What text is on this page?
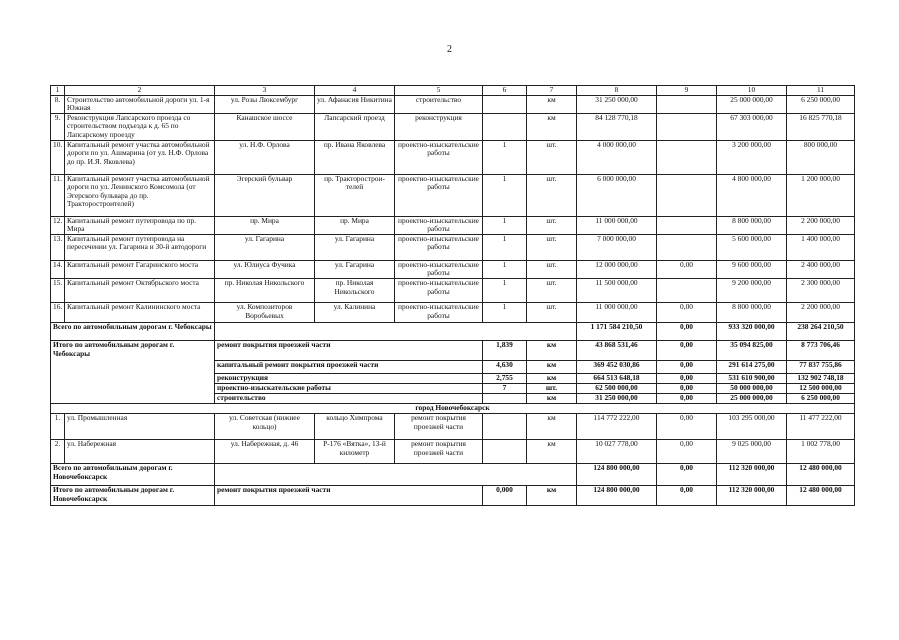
2
1	2	3	4	5	6	7	8	9	10	11
8.	Строительство автомобильной дороги ул. 1-я Южная	ул. Розы Люксембург	ул. Афанасия Никитина	строительство		км	31 250 000,00		25 000 000,00	6 250 000,00
9.	Реконструкция Лапсарского проезда со строительством подъезда к д. 65 по Лапсарскому проезду	Канашское шоссе	Лапсарский проезд	реконструкция		км	84 128 770,18		67 303 000,00	16 825 770,18
10.	Капитальный ремонт участка автомобильной дороги по ул. Ашмарина (от ул. Н.Ф. Орлова до пр. И.Я. Яковлева)	ул. Н.Ф. Орлова	пр. Ивана Яковлева	проектно-изыскательские работы	1	шт.	4 000 000,00		3 200 000,00	800 000,00
11.	Капитальный ремонт участка автомобильной дороги по ул. Ленинского Комсомола (от Эгерского бульвара до пр. Тракторостроителей)	Эгерский бульвар	пр. Тракторостроителей	проектно-изыскательские работы	1	шт.	6 000 000,00		4 800 000,00	1 200 000,00
12.	Капитальный ремонт путепровода по пр. Мира	пр. Мира	пр. Мира	проектно-изыскательские работы	1	шт.	11 000 000,00		8 800 000,00	2 200 000,00
13.	Капитальный ремонт путепровода на пересечении ул. Гагарина и 30-й автодороги	ул. Гагарина	ул. Гагарина	проектно-изыскательские работы	1	шт.	7 000 000,00		5 600 000,00	1 400 000,00
14.	Капитальный ремонт Гагаринского моста	ул. Юлиуса Фучика	ул. Гагарина	проектно-изыскательские работы	1	шт.	12 000 000,00	0,00	9 600 000,00	2 400 000,00
15.	Капитальный ремонт Октябрьского моста	пр. Николая Никольского	пр. Николая Никольского	проектно-изыскательские работы	1	шт.	11 500 000,00		9 200 000,00	2 300 000,00
16.	Капитальный ремонт Калининского моста	ул. Композиторов Воробьевых	ул. Калинина	проектно-изыскательские работы	1	шт.	11 000 000,00	0,00	8 800 000,00	2 200 000,00
Всего по автомобильным дорогам г. Чебоксары							1 171 584 210,50	0,00	933 320 000,00	238 264 210,50
Итого по автомобильным дорогам г. Чебоксары		ремонт покрытия проезжей части			1,839	км	43 868 531,46	0,00	35 094 825,00	8 773 706,46
		капитальный ремонт покрытия проезжей части			4,630	км	369 452 030,86	0,00	291 614 275,00	77 837 755,86
		реконструкция			2,755	км	664 513 648,18	0,00	531 610 900,00	132 902 748,18
		проектно-изыскательские работы			7	шт.	62 500 000,00	0,00	50 000 000,00	12 500 000,00
		строительство				км	31 250 000,00	0,00	25 000 000,00	6 250 000,00
город Новочебоксарск										
1.	ул. Промышленная	ул. Советская (нижнее кольцо)	кольцо Химпрома	ремонт покрытия проезжей части		км	114 772 222,00	0,00	103 295 000,00	11 477 222,00
2.	ул. Набережная	ул. Набережная, д. 46	Р-176 «Вятка», 13-й километр	ремонт покрытия проезжей части		км	10 027 778,00	0,00	9 025 000,00	1 002 778,00
Всего по автомобильным дорогам г. Новочебоксарск							124 800 000,00	0,00	112 320 000,00	12 480 000,00
Итого по автомобильным дорогам г. Новочебоксарск		ремонт покрытия проезжей части			0,000	км	124 800 000,00	0,00	112 320 000,00	12 480 000,00
